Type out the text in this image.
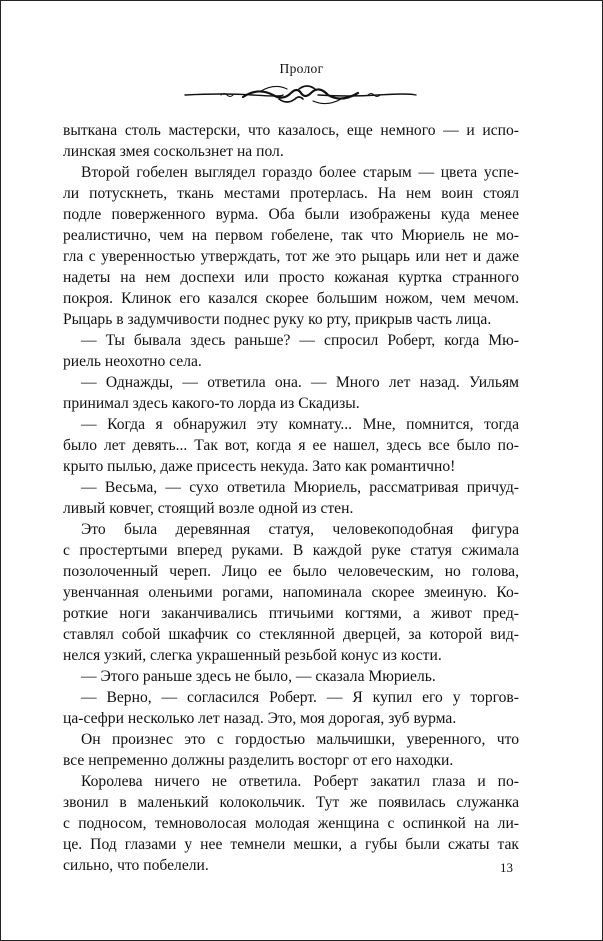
Пролог
выткана столь мастерски, что казалось, еще немного — и испо-
линская змея соскользнет на пол.
Второй гобелен выглядел гораздо более старым — цвета успе-
ли потускнеть, ткань местами протерлась. На нем воин стоял
подле поверженного вурма. Оба были изображены куда менее
реалистично, чем на первом гобелене, так что Мюриель не мо-
гла с уверенностью утверждать, тот же это рыцарь или нет и даже
надеты на нем доспехи или просто кожаная куртка странного
покроя. Клинок его казался скорее большим ножом, чем мечом.
Рыцарь в задумчивости поднес руку ко рту, прикрыв часть лица.
— Ты бывала здесь раньше? — спросил Роберт, когда Мю-
риель неохотно села.
— Однажды, — ответила она. — Много лет назад. Уильям
принимал здесь какого-то лорда из Скадизы.
— Когда я обнаружил эту комнату... Мне, помнится, тогда
было лет девять... Так вот, когда я ее нашел, здесь все было по-
крыто пылью, даже присесть некуда. Зато как романтично!
— Весьма, — сухо ответила Мюриель, рассматривая причуд-
ливый ковчег, стоящий возле одной из стен.
Это была деревянная статуя, человекоподобная фигура
с простертыми вперед руками. В каждой руке статуя сжимала
позолоченный череп. Лицо ее было человеческим, но голова,
увенчанная оленьими рогами, напоминала скорее змеиную. Ко-
роткие ноги заканчивались птичьими когтями, а живот пред-
ставлял собой шкафчик со стеклянной дверцей, за которой вид-
нелся узкий, слегка украшенный резьбой конус из кости.
— Этого раньше здесь не было, — сказала Мюриель.
— Верно, — согласился Роберт. — Я купил его у торгов-
ца-сефри несколько лет назад. Это, моя дорогая, зуб вурма.
Он произнес это с гордостью мальчишки, уверенного, что
все непременно должны разделить восторг от его находки.
Королева ничего не ответила. Роберт закатил глаза и по-
звонил в маленький колокольчик. Тут же появилась служанка
с подносом, темноволосая молодая женщина с оспинкой на ли-
це. Под глазами у нее темнели мешки, а губы были сжаты так
сильно, что побелели.	13
